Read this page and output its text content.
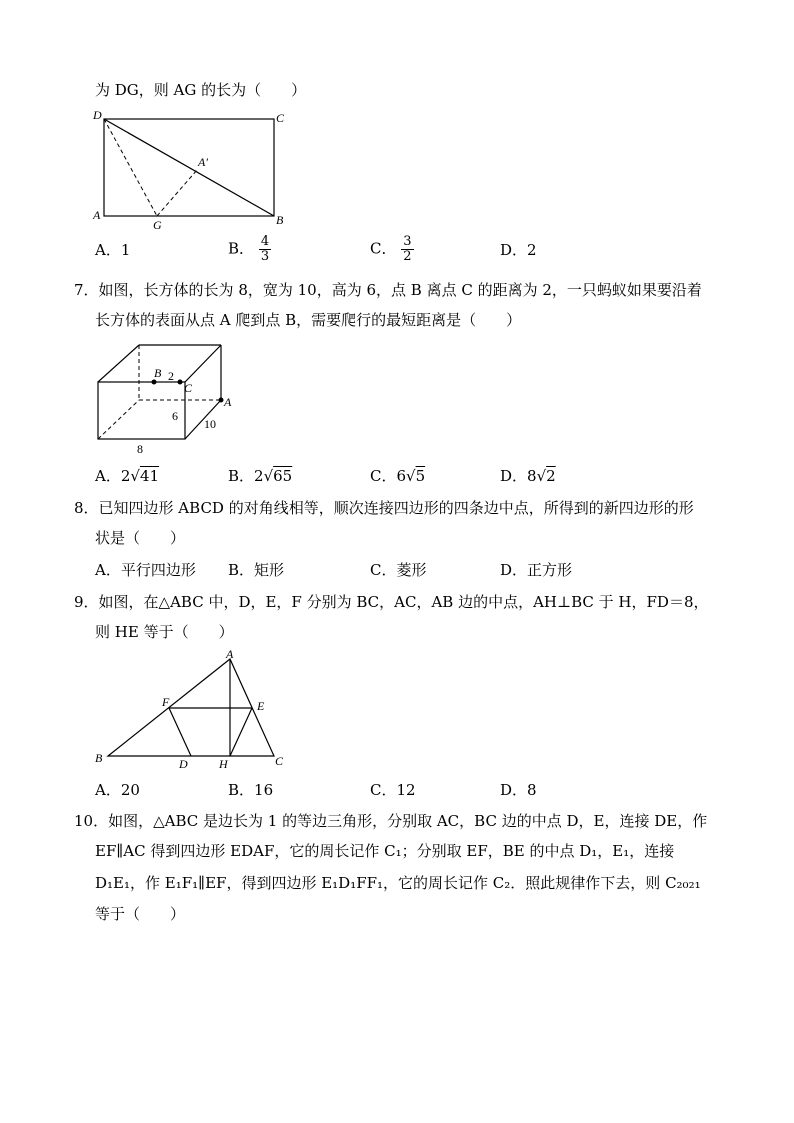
为 DG，则 AG 的长为（　　）
D	C
A	B
G
A′
A．1	B． $\frac{4}{3}$	C． $\frac{3}{2}$	D．2
7．如图，长方体的长为 8，宽为 10，高为 6，点 B 离点 C 的距离为 2，一只蚂蚁如果要沿着
长方体的表面从点 A 爬到点 B，需要爬行的最短距离是（　　）
B 2
C
A
6
10
8
A．2√41	B．2√65	C．6√5	D．8√2
8．已知四边形 ABCD 的对角线相等，顺次连接四边形的四条边中点，所得到的新四边形的形
状是（　　）
A．平行四边形 B．矩形	C．菱形	D．正方形
9．如图，在△ABC 中，D，E，F 分别为 BC，AC，AB 边的中点，AH⊥BC 于 H，FD＝8，
则 HE 等于（　　）
A
F	E
B	D	H	C
A．20	B．16	C．12	D．8
10．如图，△ABC 是边长为 1 的等边三角形，分别取 AC，BC 边的中点 D，E，连接 DE，作
EF∥AC 得到四边形 EDAF，它的周长记作 C₁；分别取 EF，BE 的中点 D₁，E₁，连接
D₁E₁，作 E₁F₁∥EF，得到四边形 E₁D₁FF₁，它的周长记作 C₂．照此规律作下去，则 C₂₀₂₁
等于（　　）
